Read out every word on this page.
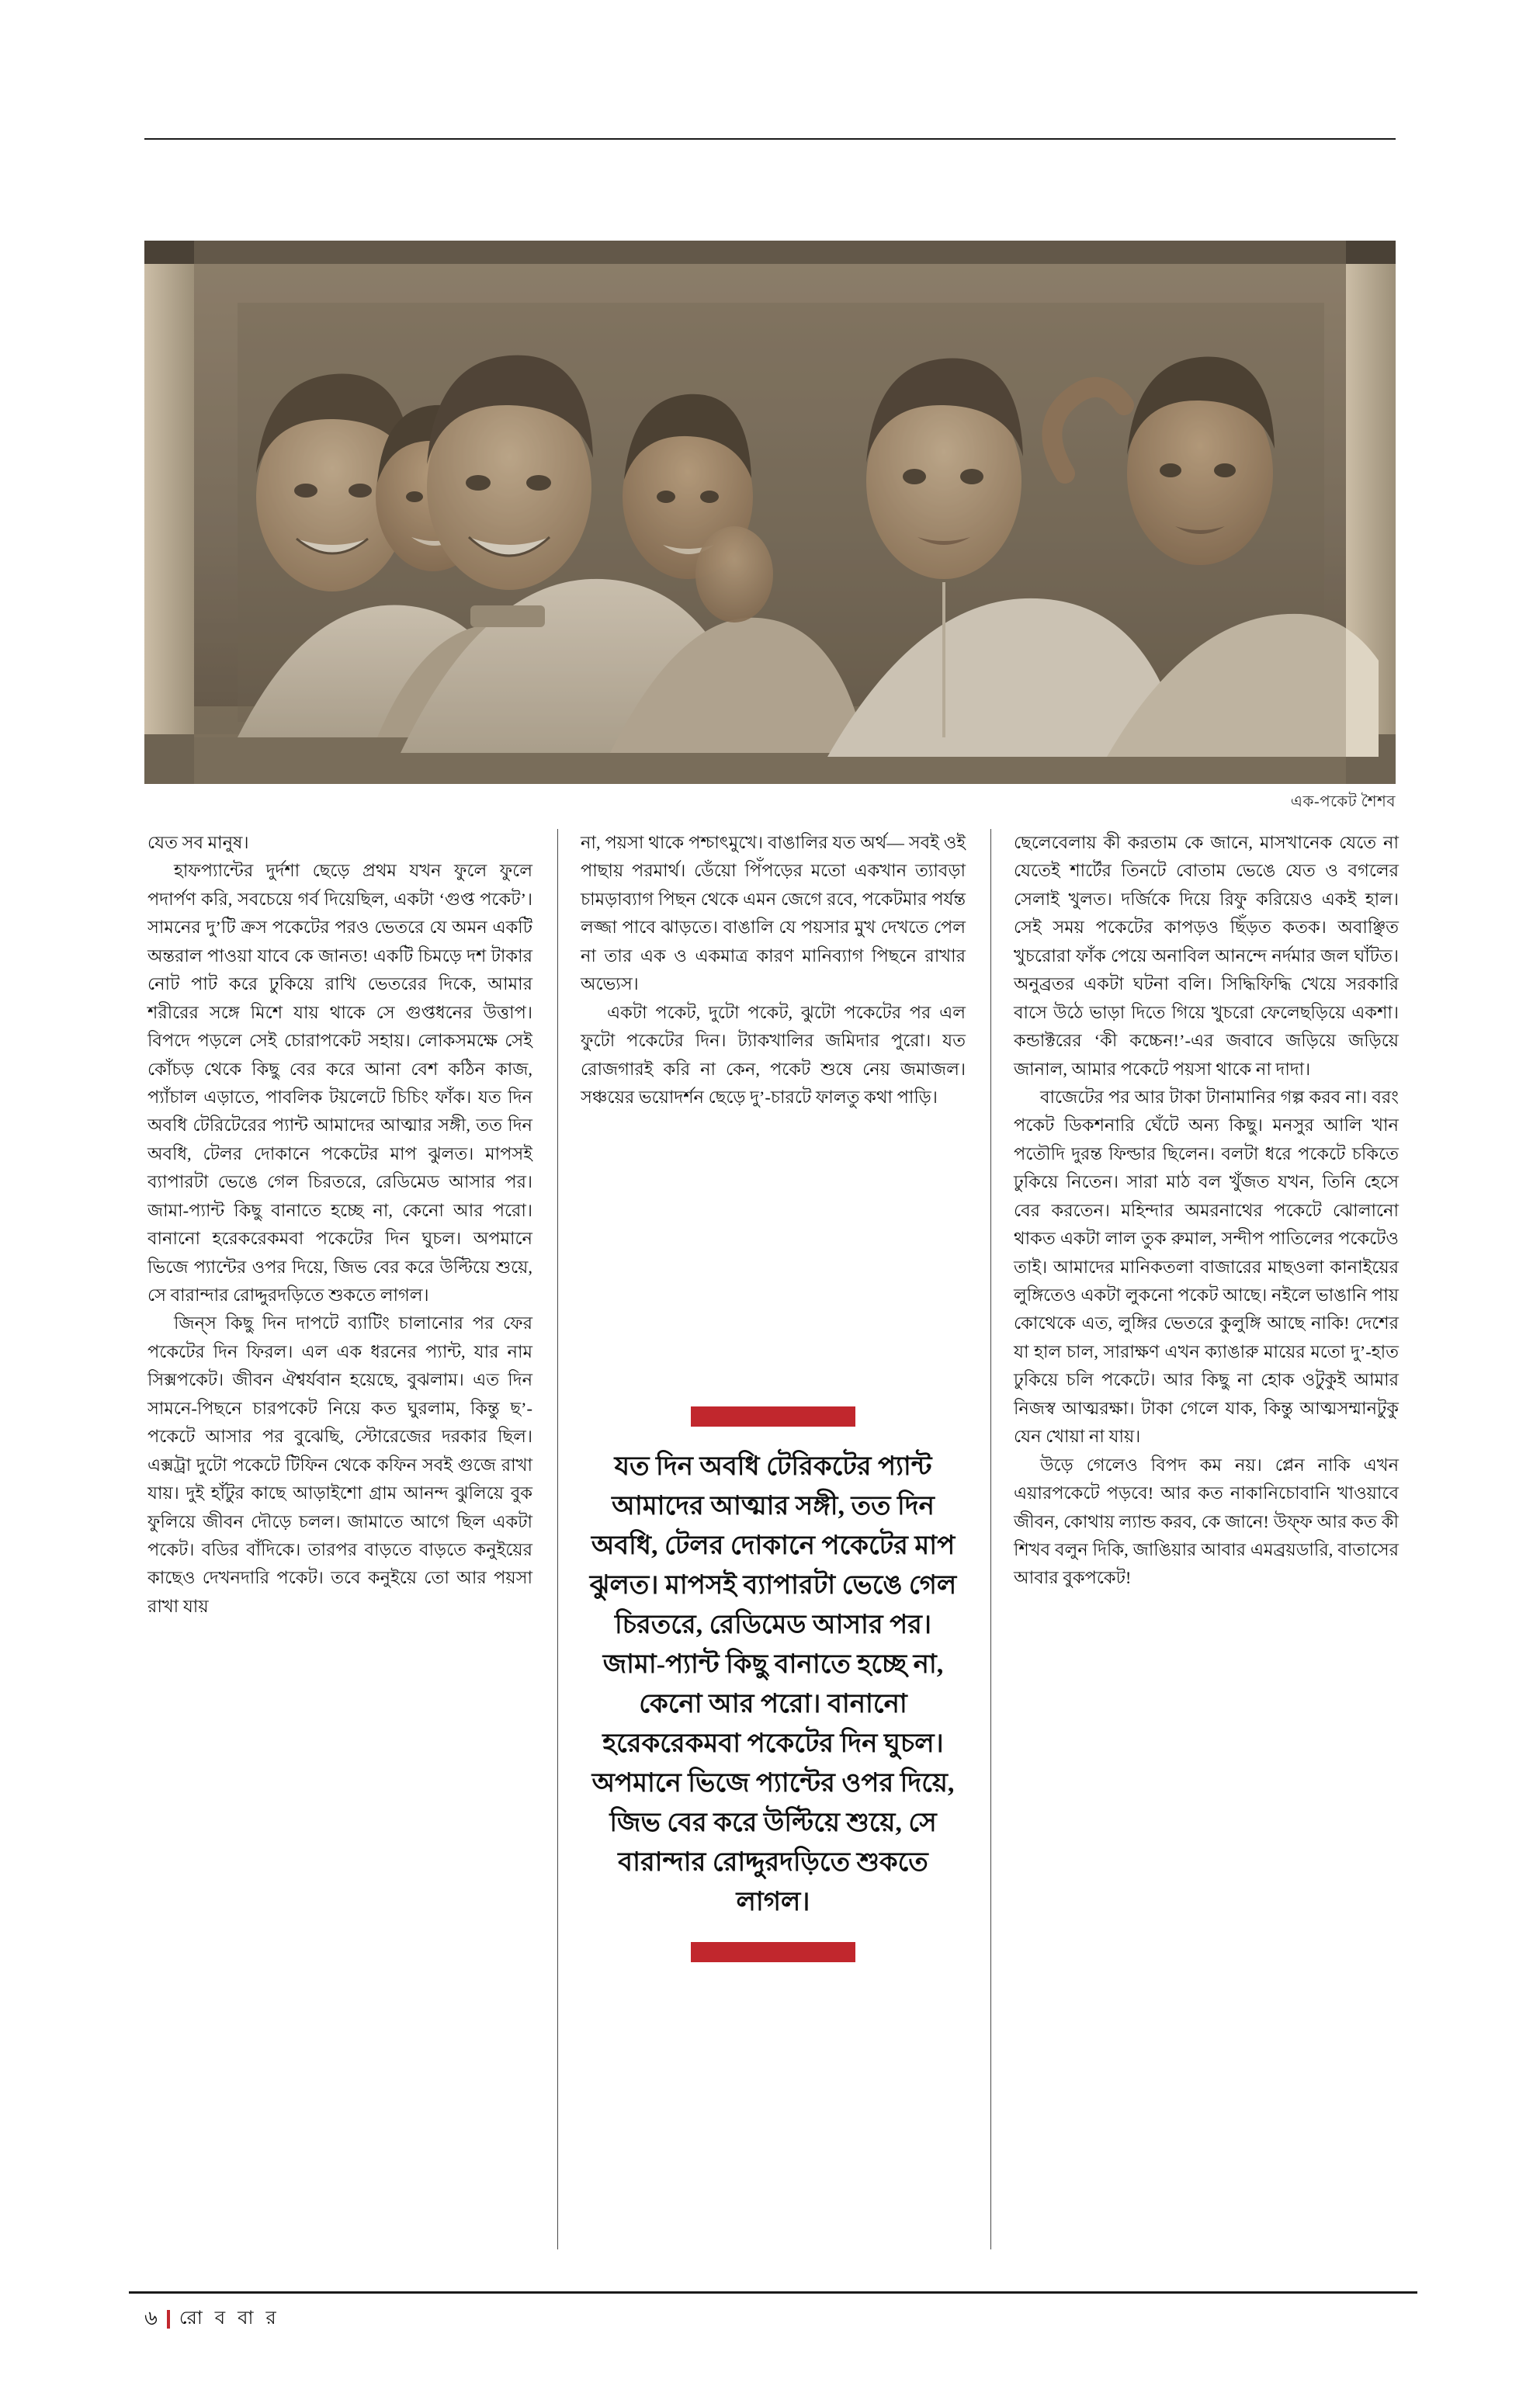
এক-পকেট শৈশব

যেত সব মানুষ।

হাফপ্যান্টের দুর্দশা ছেড়ে প্রথম যখন ফুলে ফুলে পদার্পণ করি, সবচেয়ে গর্ব দিয়েছিল, একটা ‘গুপ্ত পকেট’। সামনের দু’টি ক্রস পকেটের পরও ভেতরে যে অমন একটি অন্তরাল পাওয়া যাবে কে জানত! একটি চিমড়ে দশ টাকার নোট পাট করে ঢুকিয়ে রাখি ভেতরের দিকে, আমার শরীরের সঙ্গে মিশে যায় থাকে সে গুপ্তধনের উত্তাপ। বিপদে পড়লে সেই চোরাপকেট সহায়। লোকসমক্ষে সেই কোঁচড় থেকে কিছু বের করে আনা বেশ কঠিন কাজ, প্যাঁচাল এড়াতে, পাবলিক টয়লেটে চিচিং ফাঁক। যত দিন অবধি টেরিটেরের প্যান্ট আমাদের আত্মার সঙ্গী, তত দিন অবধি, টেলর দোকানে পকেটের মাপ ঝুলত। মাপসই ব্যাপারটা ভেঙে গেল চিরতরে, রেডিমেড আসার পর। জামা-প্যান্ট কিছু বানাতে হচ্ছে না, কেনো আর পরো। বানানো হরেকরেকমবা পকেটের দিন ঘুচল। অপমানে ভিজে প্যান্টের ওপর দিয়ে, জিভ বের করে উল্টিয়ে শুয়ে, সে বারান্দার রোদ্দুরদড়িতে শুকতে লাগল।

জিন্‌স কিছু দিন দাপটে ব্যাটিং চালানোর পর ফের পকেটের দিন ফিরল। এল এক ধরনের প্যান্ট, যার নাম সিক্সপকেট। জীবন ঐশ্বর্যবান হয়েছে, বুঝলাম। এত দিন সামনে-পিছনে চারপকেট নিয়ে কত ঘুরলাম, কিন্তু ছ’-পকেটে আসার পর বুঝেছি, স্টোরেজের দরকার ছিল। এক্সট্রা দুটো পকেটে টিফিন থেকে কফিন সবই গুজে রাখা যায়। দুই হাঁটুর কাছে আড়াইশো গ্রাম আনন্দ ঝুলিয়ে বুক ফুলিয়ে জীবন দৌড়ে চলল। জামাতে আগে ছিল একটা পকেট। বডির বাঁদিকে। তারপর বাড়তে বাড়তে কনুইয়ের কাছেও দেখনদারি পকেট। তবে কনুইয়ে তো আর পয়সা রাখা যায়

না, পয়সা থাকে পশ্চাৎমুখে। বাঙালির যত অর্থ— সবই ওই পাছায় পরমার্থ। ডেঁয়ো পিঁপড়ের মতো একখান ত্যাবড়া চামড়াব্যাগ পিছন থেকে এমন জেগে রবে, পকেটমার পর্যন্ত লজ্জা পাবে ঝাড়তে। বাঙালি যে পয়সার মুখ দেখতে পেল না তার এক ও একমাত্র কারণ মানিব্যাগ পিছনে রাখার অভ্যেস।

একটা পকেট, দুটো পকেট, ঝুটো পকেটের পর এল ফুটো পকেটের দিন। ট্যাকখালির জমিদার পুরো। যত রোজগারই করি না কেন, পকেট শুষে নেয় জমাজল। সঞ্চয়ের ভয়োদর্শন ছেড়ে দু’-চারটে ফালতু কথা পাড়ি।

ছেলেবেলায় কী করতাম কে জানে, মাসখানেক যেতে না যেতেই শার্টের তিনটে বোতাম ভেঙে যেত ও বগলের সেলাই খুলত। দর্জিকে দিয়ে রিফু করিয়েও একই হাল। সেই সময় পকেটের কাপড়ও ছিঁড়ত কতক। অবাঞ্ছিত খুচরোরা ফাঁক পেয়ে অনাবিল আনন্দে নর্দমার জল ঘাঁটত। অনুব্রতর একটা ঘটনা বলি। সিদ্ধিফিদ্ধি খেয়ে সরকারি বাসে উঠে ভাড়া দিতে গিয়ে খুচরো ফেলেছড়িয়ে একশা। কন্ডাক্টরের ‘কী কচ্চেন!’-এর জবাবে জড়িয়ে জড়িয়ে জানাল, আমার পকেটে পয়সা থাকে না দাদা।

বাজেটের পর আর টাকা টানামানির গল্প করব না। বরং পকেট ডিকশনারি ঘেঁটে অন্য কিছু। মনসুর আলি খান পতৌদি দুরন্ত ফিল্ডার ছিলেন। বলটা ধরে পকেটে চকিতে ঢুকিয়ে নিতেন। সারা মাঠ বল খুঁজত যখন, তিনি হেসে বের করতেন। মহিন্দার অমরনাথের পকেটে ঝোলানো থাকত একটা লাল তুক রুমাল, সন্দীপ পাতিলের পকেটেও তাই। আমাদের মানিকতলা বাজারের মাছওলা কানাইয়ের লুঙ্গিতেও একটা লুকনো পকেট আছে। নইলে ভাঙানি পায় কোথেকে এত, লুঙ্গির ভেতরে কুলুঙ্গি আছে নাকি! দেশের যা হাল চাল, সারাক্ষণ এখন ক্যাঙারু মায়ের মতো দু’-হাত ঢুকিয়ে চলি পকেটে। আর কিছু না হোক ওটুকুই আমার নিজস্ব আত্মরক্ষা। টাকা গেলে যাক, কিন্তু আত্মসম্মানটুকু যেন খোয়া না যায়।

উড়ে গেলেও বিপদ কম নয়। প্লেন নাকি এখন এয়ারপকেটে পড়বে! আর কত নাকানিচোবানি খাওয়াবে জীবন, কোথায় ল্যান্ড করব, কে জানে! উফ্‌ফ আর কত কী শিখব বলুন দিকি, জাঙিয়ার আবার এমব্রয়ডারি, বাতাসের আবার বুকপকেট!

যত দিন অবধি টেরিকটের প্যান্ট আমাদের আত্মার সঙ্গী, তত দিন অবধি, টেলর দোকানে পকেটের মাপ ঝুলত। মাপসই ব্যাপারটা ভেঙে গেল চিরতরে, রেডিমেড আসার পর। জামা-প্যান্ট কিছু বানাতে হচ্ছে না, কেনো আর পরো। বানানো হরেকরেকমবা পকেটের দিন ঘুচল। অপমানে ভিজে প্যান্টের ওপর দিয়ে, জিভ বের করে উল্টিয়ে শুয়ে, সে বারান্দার রোদ্দুরদড়িতে শুকতে লাগল।
৬ রো ব বা র
